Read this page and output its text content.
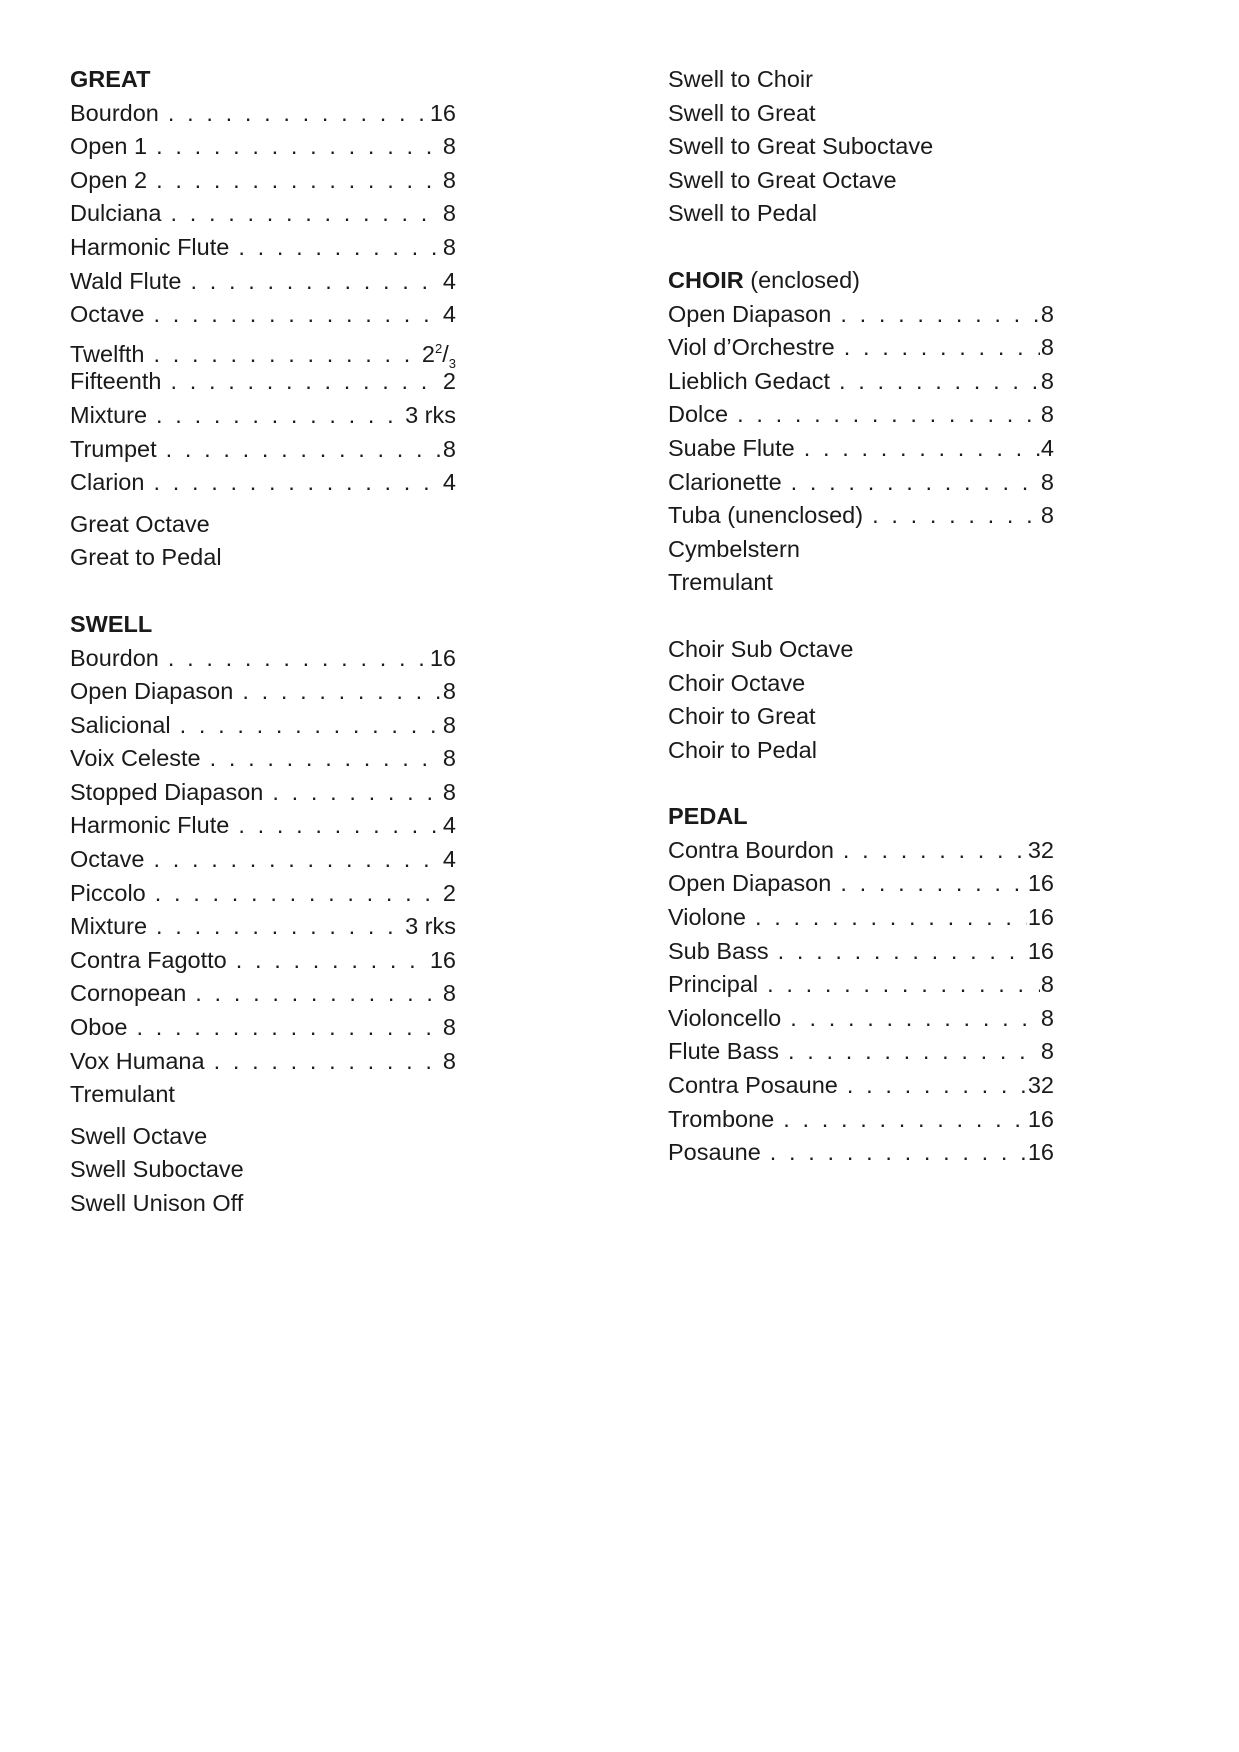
GREAT
Bourdon . . .	16
Open 1 . . .	8
Open 2 . . .	8
Dulciana . . .	8
Harmonic Flute . . .	8
Wald Flute . . .	4
Octave . . .	4
Twelfth . . .	$2^2/_3$
Fifteenth . . .	2
Mixture . . .	3 rks
Trumpet . . .	8
Clarion . . .	4
Great Octave
Great to Pedal
SWELL
Bourdon . . .	16
Open Diapason . . .	8
Salicional . . .	8
Voix Celeste . . .	8
Stopped Diapason . . .	8
Harmonic Flute . . .	4
Octave . . .	4
Piccolo . . .	2
Mixture . . .	3 rks
Contra Fagotto . . .	16
Cornopean . . .	8
Oboe . . .	8
Vox Humana . . .	8
Tremulant
Swell Octave
Swell Suboctave
Swell Unison Off
Swell to Choir
Swell to Great
Swell to Great Suboctave
Swell to Great Octave
Swell to Pedal
CHOIR (enclosed)
Open Diapason . . .	8
Viol d’Orchestre . . .	8
Lieblich Gedact . . .	8
Dolce . . .	8
Suabe Flute . . .	4
Clarionette . . .	8
Tuba (unenclosed) . . .	8
Cymbelstern
Tremulant
Choir Sub Octave
Choir Octave
Choir to Great
Choir to Pedal
PEDAL
Contra Bourdon . . .	32
Open Diapason . . .	16
Violone . . .	16
Sub Bass . . .	16
Principal . . .	8
Violoncello . . .	8
Flute Bass . . .	8
Contra Posaune . . .	32
Trombone . . .	16
Posaune . . .	16
